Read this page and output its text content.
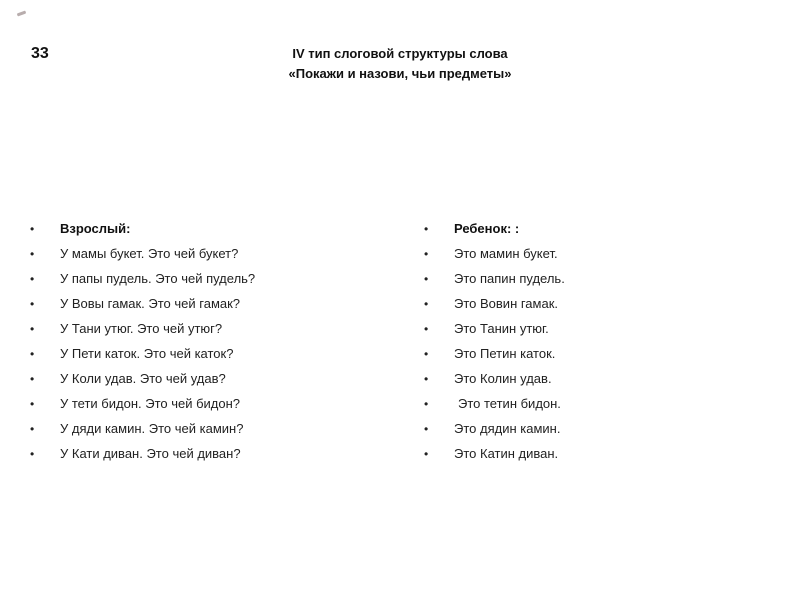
33	IV тип слоговой структуры слова
«Покажи и назови, чьи предметы»
•	Взрослый:
•	У мамы букет. Это чей букет?
•	У папы пудель. Это чей пудель?
•	У Вовы гамак. Это чей гамак?
•	У Тани утюг. Это чей утюг?
•	У Пети каток. Это чей каток?
•	У Коли удав. Это чей удав?
•	У тети бидон. Это чей бидон?
•	У дяди камин. Это чей камин?
•	У Кати диван. Это чей диван?
•	Ребенок: :
•	Это мамин букет.
•	Это папин пудель.
•	Это Вовин гамак.
•	Это Танин утюг.
•	Это Петин каток.
•	Это Колин удав.
•	Это тетин бидон.
•	Это дядин камин.
•	Это Катин диван.
